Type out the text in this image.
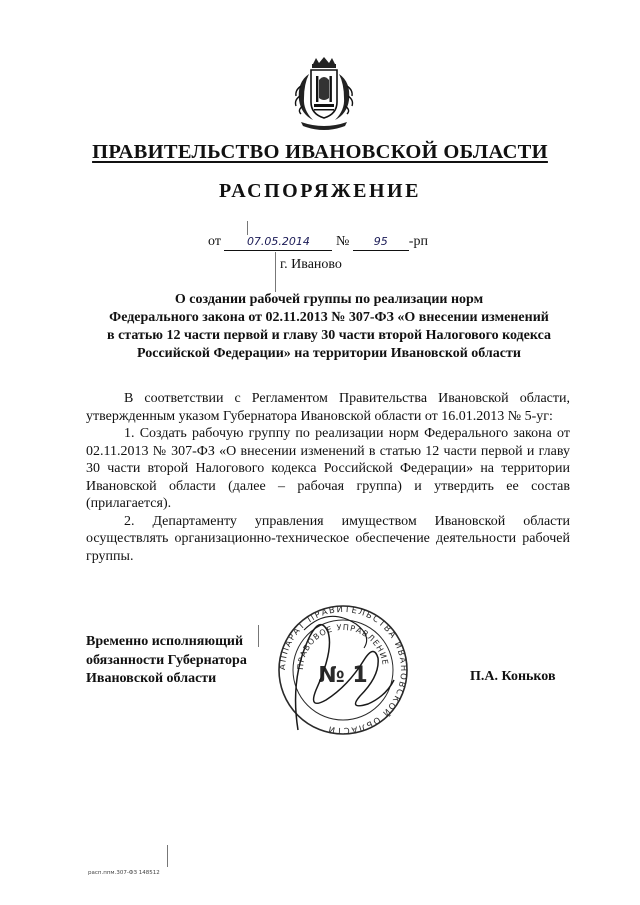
ПРАВИТЕЛЬСТВО ИВАНОВСКОЙ ОБЛАСТИ
РАСПОРЯЖЕНИЕ
от 07.05.2014 № 95 -рп
г. Иваново
О создании рабочей группы по реализации норм
Федерального закона от 02.11.2013 № 307-ФЗ «О внесении изменений
в статью 12 части первой и главу 30 части второй Налогового кодекса
Российской Федерации» на территории Ивановской области

В соответствии с Регламентом Правительства Ивановской области, утвержденным указом Губернатора Ивановской области от 16.01.2013 № 5-уг:

1. Создать рабочую группу по реализации норм Федерального закона от 02.11.2013 № 307-ФЗ «О внесении изменений в статью 12 части первой и главу 30 части второй Налогового кодекса Российской Федерации» на территории Ивановской области (далее – рабочая группа) и утвердить ее состав (прилагается).

2. Департаменту управления имуществом Ивановской области осуществлять организационно-техническое обеспечение деятельности рабочей группы.

Временно исполняющий
обязанности Губернатора
Ивановской области
АППАРАТ ПРАВИТЕЛЬСТВА ИВАНОВСКОЙ ОБЛАСТИ
ПРАВОВОЕ УПРАВЛЕНИЕ
№ 1	П.А. Коньков
расп.ппм.307-ФЗ 148512
